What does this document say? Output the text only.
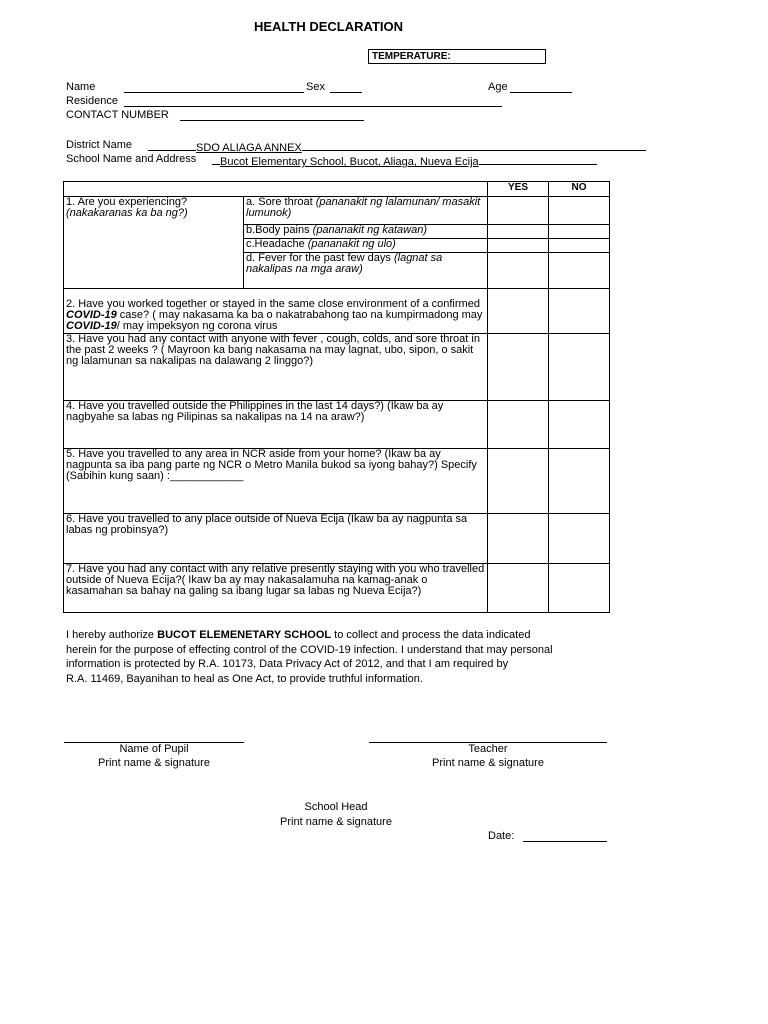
HEALTH DECLARATION
TEMPERATURE:
Name	Sex	Age
Residence
CONTACT NUMBER
District Name	SDO ALIAGA ANNEX
School Name and Address	Bucot Elementary School, Bucot, Aliaga, Nueva Ecija
		YES	NO

1. Are you experiencing?
(nakakaranas ka ba ng?)	a. Sore throat (pananakit ng lalamunan/ masakit lumunok)		
	b.Body pains (pananakit ng katawan)		
	c.Headache (pananakit ng ulo)		
	d. Fever for the past few days (lagnat sa nakalipas na mga araw)		
2. Have you worked together or stayed in the same close environment of a confirmed COVID-19 case? ( may nakasama ka ba o nakatrabahong tao na kumpirmadong may COVID-19/ may impeksyon ng corona virus			
3. Have you had any contact with anyone with fever , cough, colds, and sore throat in the past 2 weeks ? ( Mayroon ka bang nakasama na may lagnat, ubo, sipon, o sakit ng lalamunan sa nakalipas na dalawang 2 linggo?)			
4. Have you travelled outside the Philippines in the last 14 days?) (Ikaw ba ay nagbyahe sa labas ng Pilipinas sa nakalipas na 14 na araw?)			
5. Have you travelled to any area in NCR aside from your home? (Ikaw ba ay nagpunta sa iba pang parte ng NCR o Metro Manila bukod sa iyong bahay?) Specify (Sabihin kung saan) :____________			
6. Have you travelled to any place outside of Nueva Ecija (Ikaw ba ay nagpunta sa labas ng probinsya?)			
7. Have you had any contact with any relative presently staying with you who travelled outside of Nueva Ecija?( Ikaw ba ay may nakasalamuha na kamag-anak o kasamahan sa bahay na galing sa ibang lugar sa labas ng Nueva Ecija?)			
I hereby authorize BUCOT ELEMENETARY SCHOOL to collect and process the data indicated
herein for the purpose of effecting control of the COVID-19 infection. I understand that may personal
information is protected by R.A. 10173, Data Privacy Act of 2012, and that I am required by
R.A. 11469, Bayanihan to heal as One Act, to provide truthful information.
Name of Pupil
Print name & signature
Teacher
Print name & signature
School Head
Print name & signature
Date:
